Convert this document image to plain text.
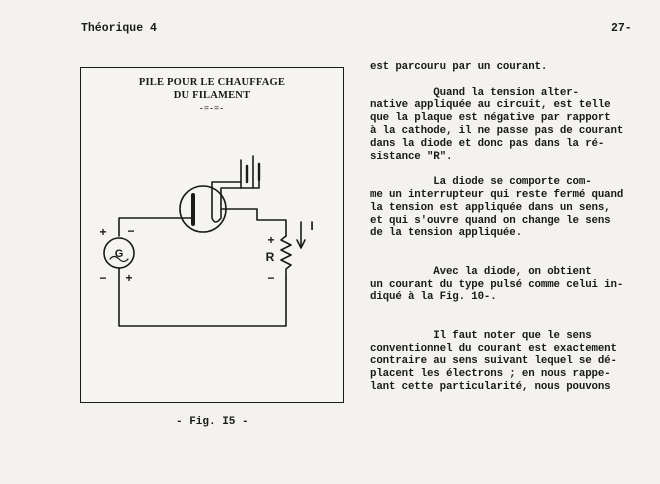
Théorique 4	27-
PILE POUR LE CHAUFFAGE
DU FILAMENT
-=-=-
G	R
I
+
− +
−
+
−
- Fig. I5 -

est parcouru par un courant.

Quand la tension alter-

native appliquée au circuit, est telle

que la plaque est négative par rapport

à la cathode, il ne passe pas de courant

dans la diode et donc pas dans la ré-

sistance "R".

La diode se comporte com-

me un interrupteur qui reste fermé quand

la tension est appliquée dans un sens,

et qui s'ouvre quand on change le sens

de la tension appliquée.

Avec la diode, on obtient

un courant du type pulsé comme celui in-

diqué à la Fig. 10-.

Il faut noter que le sens

conventionnel du courant est exactement

contraire au sens suivant lequel se dé-

placent les électrons ; en nous rappe-

lant cette particularité, nous pouvons
